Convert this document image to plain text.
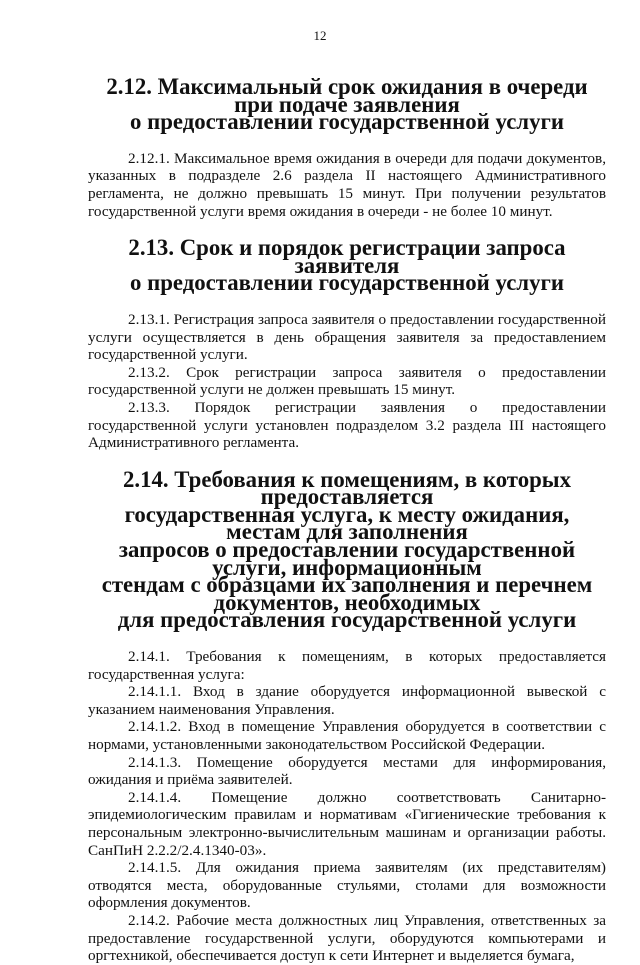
12
2.12. Максимальный срок ожидания в очереди при подаче заявления
о предоставлении государственной услуги

2.12.1. Максимальное время ожидания в очереди для подачи документов, указанных в подразделе 2.6 раздела II настоящего Административного регламента, не должно превышать 15 минут. При получении результатов государственной услуги время ожидания в очереди - не более 10 минут.

2.13. Срок и порядок регистрации запроса заявителя
о предоставлении государственной услуги

2.13.1. Регистрация запроса заявителя о предоставлении государственной услуги осуществляется в день обращения заявителя за предоставлением государственной услуги.

2.13.2. Срок регистрации запроса заявителя о предоставлении государственной услуги не должен превышать 15 минут.

2.13.3. Порядок регистрации заявления о предоставлении государственной услуги установлен подразделом 3.2 раздела III настоящего Административного регламента.

2.14. Требования к помещениям, в которых предоставляется
государственная услуга, к месту ожидания, местам для заполнения
запросов о предоставлении государственной услуги, информационным
стендам с образцами их заполнения и перечнем документов, необходимых
для предоставления государственной услуги

2.14.1. Требования к помещениям, в которых предоставляется государственная услуга:

2.14.1.1. Вход в здание оборудуется информационной вывеской с указанием наименования Управления.

2.14.1.2. Вход в помещение Управления оборудуется в соответствии с нормами, установленными законодательством Российской Федерации.

2.14.1.3. Помещение оборудуется местами для информирования, ожидания и приёма заявителей.

2.14.1.4. Помещение должно соответствовать Санитарно-эпидемиологическим правилам и нормативам «Гигиенические требования к персональным электронно-вычислительным машинам и организации работы. СанПиН 2.2.2/2.4.1340-03».

2.14.1.5. Для ожидания приема заявителям (их представителям) отводятся места, оборудованные стульями, столами для возможности оформления документов.

2.14.2. Рабочие места должностных лиц Управления, ответственных за предоставление государственной услуги, оборудуются компьютерами и оргтехникой, обеспечивается доступ к сети Интернет и выделяется бумага,
